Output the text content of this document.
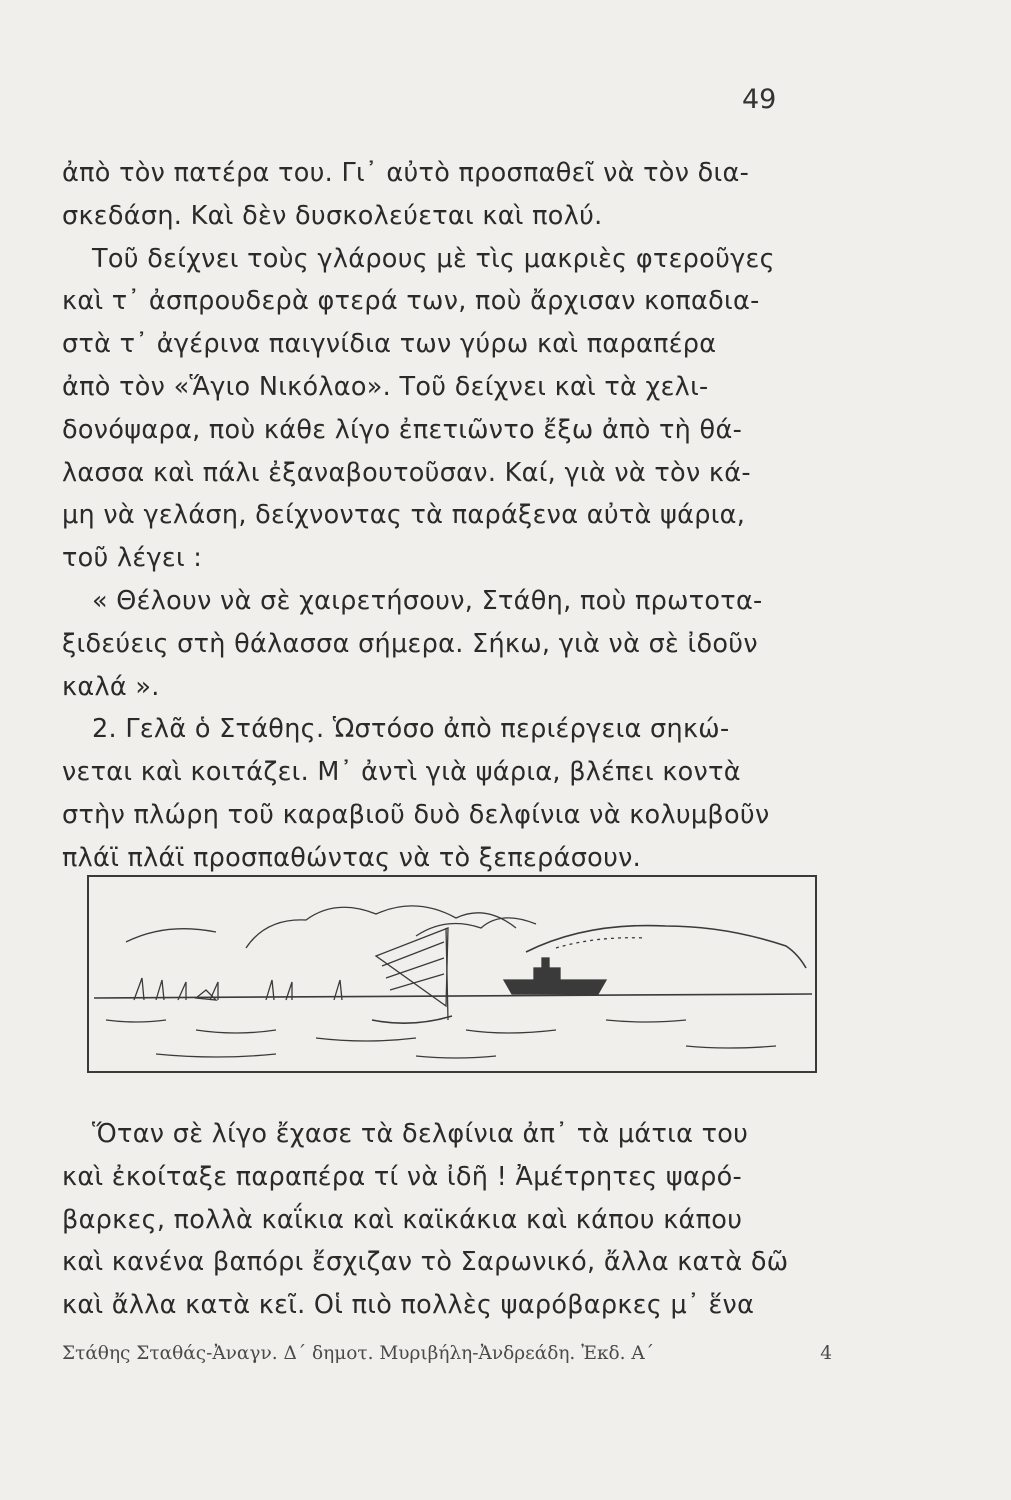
49
ἀπὸ τὸν πατέρα του. Γι᾽ αὐτὸ προσπαθεῖ νὰ τὸν δια-
σκεδάση. Καὶ δὲν δυσκολεύεται καὶ πολύ.
Τοῦ δείχνει τοὺς γλάρους μὲ τὶς μακριὲς φτεροῦγες
καὶ τ᾽ ἀσπρουδερὰ φτερά των, ποὺ ἄρχισαν κοπαδια-
στὰ τ᾽ ἀγέρινα παιγνίδια των γύρω καὶ παραπέρα
ἀπὸ τὸν «Ἅγιο Νικόλαο». Τοῦ δείχνει καὶ τὰ χελι-
δονόψαρα, ποὺ κάθε λίγο ἐπετιῶντο ἔξω ἀπὸ τὴ θά-
λασσα καὶ πάλι ἐξαναβουτοῦσαν. Καί, γιὰ νὰ τὸν κά-
μη νὰ γελάση, δείχνοντας τὰ παράξενα αὐτὰ ψάρια,
τοῦ λέγει :
« Θέλουν νὰ σὲ χαιρετήσουν, Στάθη, ποὺ πρωτοτα-
ξιδεύεις στὴ θάλασσα σήμερα. Σήκω, γιὰ νὰ σὲ ἰδοῦν
καλά ».
2. Γελᾶ ὁ Στάθης. Ὡστόσο ἀπὸ περιέργεια σηκώ-
νεται καὶ κοιτάζει. Μ᾽ ἀντὶ γιὰ ψάρια, βλέπει κοντὰ
στὴν πλώρη τοῦ καραβιοῦ δυὸ δελφίνια νὰ κολυμβοῦν
πλάϊ πλάϊ προσπαθώντας νὰ τὸ ξεπεράσουν.
Ὅταν σὲ λίγο ἔχασε τὰ δελφίνια ἀπ᾽ τὰ μάτια του
καὶ ἐκοίταξε παραπέρα τί νὰ ἰδῆ ! Ἀμέτρητες ψαρό-
βαρκες, πολλὰ καΐκια καὶ καϊκάκια καὶ κάπου κάπου
καὶ κανένα βαπόρι ἔσχιζαν τὸ Σαρωνικό, ἄλλα κατὰ δῶ
καὶ ἄλλα κατὰ κεῖ. Οἱ πιὸ πολλὲς ψαρόβαρκες μ᾽ ἕνα
Στάθης Σταθάς-Ἀναγν. Δ΄ δημοτ. Μυριβήλη-Ἀνδρεάδη. Ἐκδ. Α΄	4
